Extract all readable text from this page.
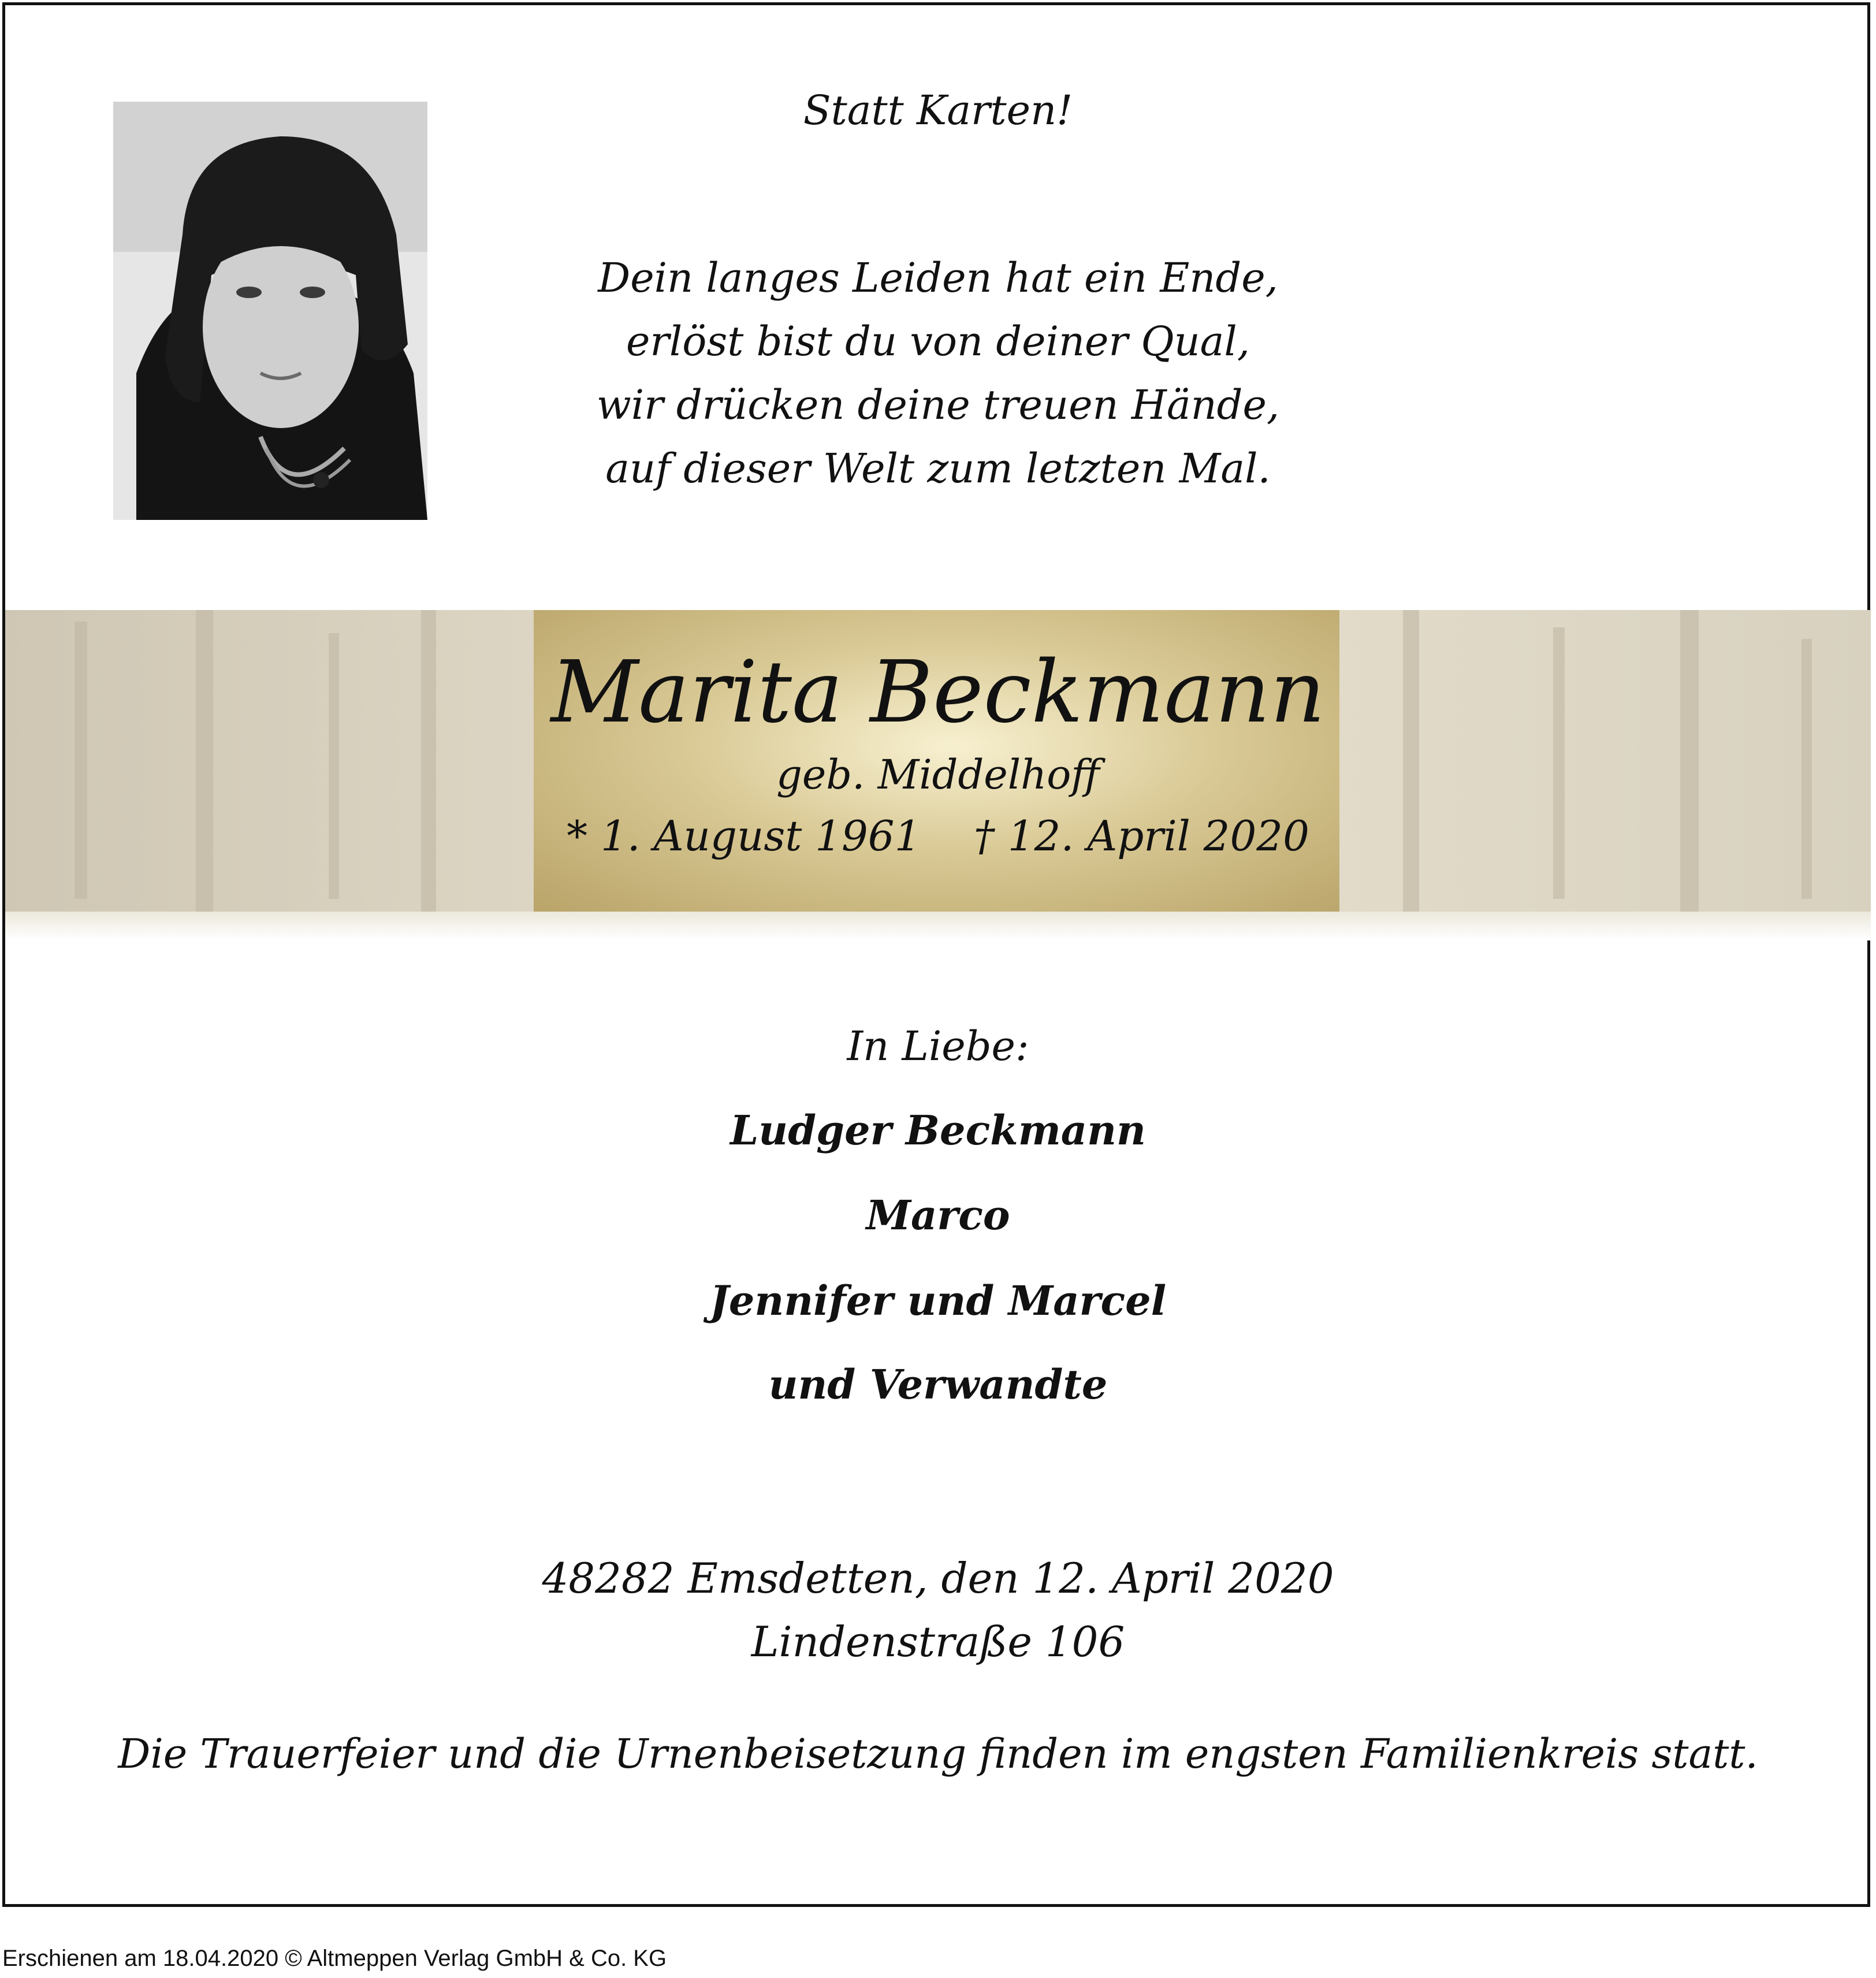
Statt Karten!
Dein langes Leiden hat ein Ende,
erlöst bist du von deiner Qual,
wir drücken deine treuen Hände,
auf dieser Welt zum letzten Mal.
Marita Beckmann
geb. Middelhoff
* 1. August 1961    † 12. April 2020
In Liebe:
Ludger Beckmann
Marco
Jennifer und Marcel
und Verwandte
48282 Emsdetten, den 12. April 2020
Lindenstraße 106
Die Trauerfeier und die Urnenbeisetzung finden im engsten Familienkreis statt.
Erschienen am 18.04.2020 © Altmeppen Verlag GmbH & Co. KG
